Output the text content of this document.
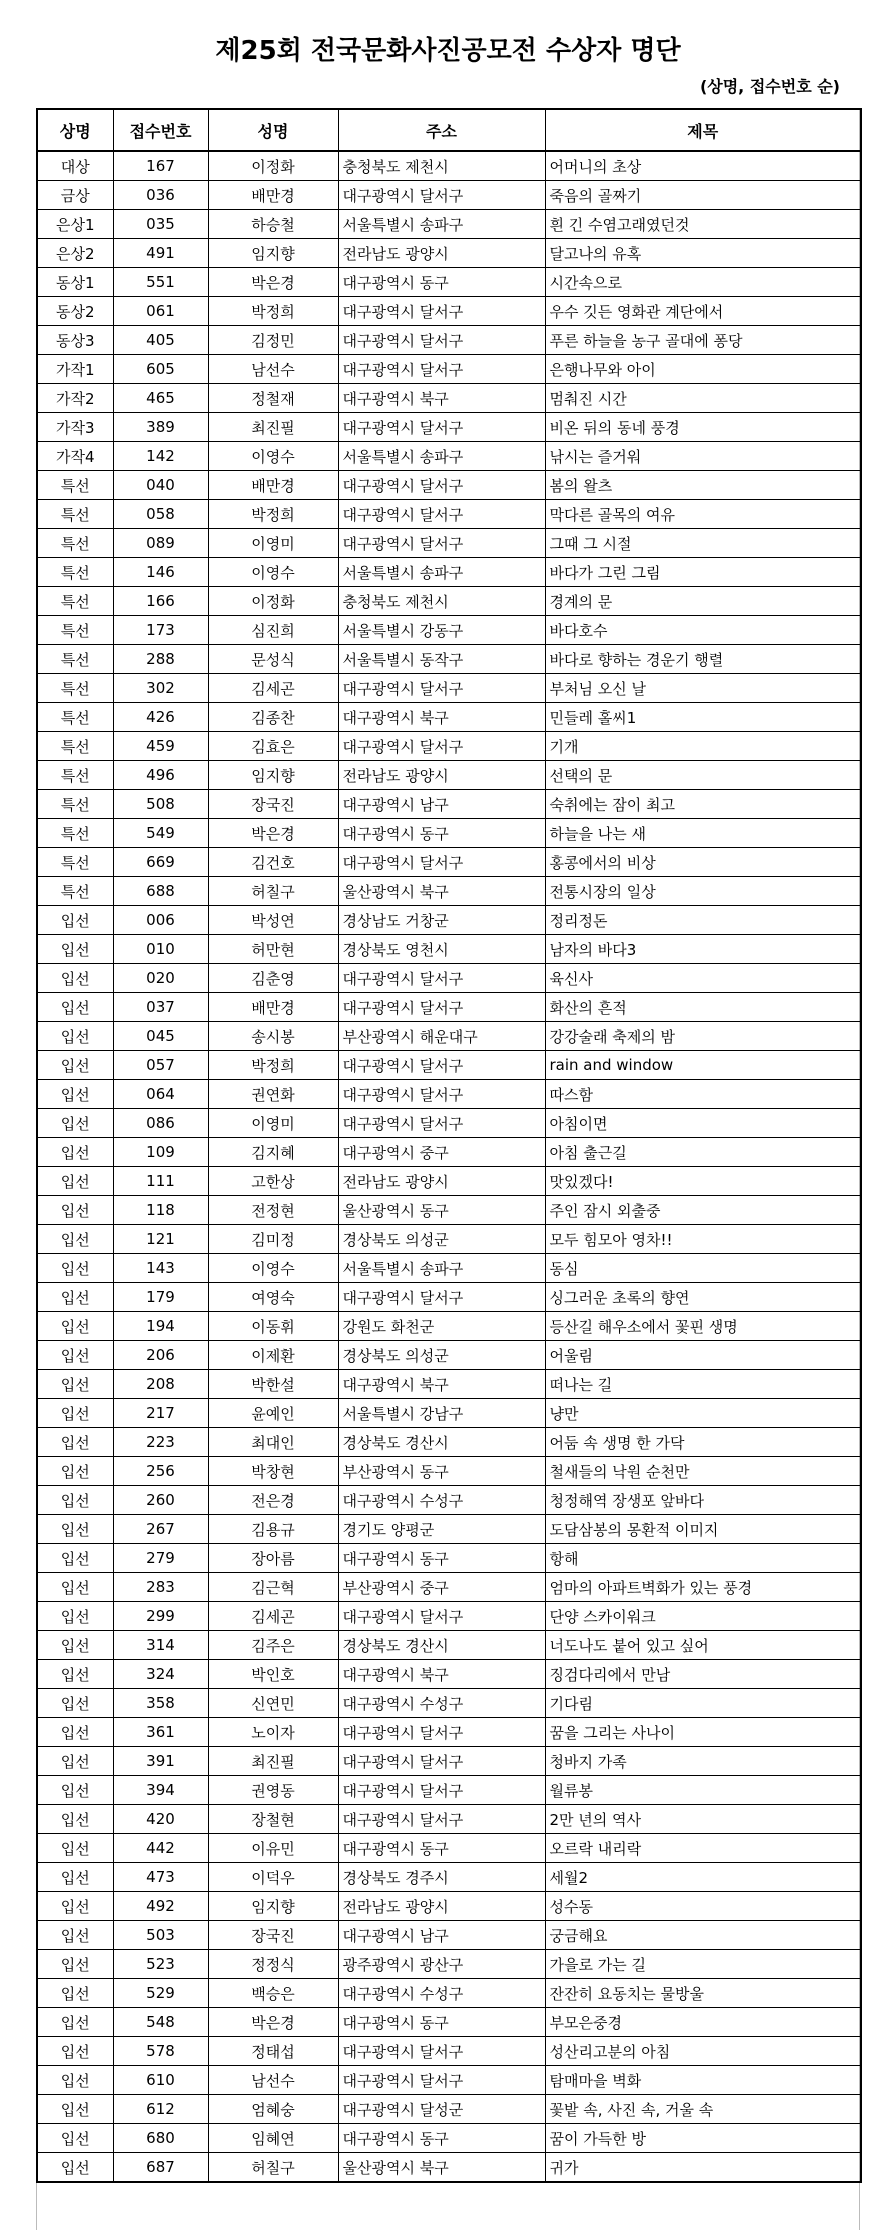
제25회 전국문화사진공모전 수상자 명단
(상명, 접수번호 순)
상명	접수번호	성명	주소	제목
대상	167	이정화	충청북도 제천시	어머니의 초상
금상	036	배만경	대구광역시 달서구	죽음의 골짜기
은상1	035	하승철	서울특별시 송파구	흰 긴 수염고래였던것
은상2	491	임지향	전라남도 광양시	달고나의 유혹
동상1	551	박은경	대구광역시 동구	시간속으로
동상2	061	박정희	대구광역시 달서구	우수 깃든 영화관 계단에서
동상3	405	김정민	대구광역시 달서구	푸른 하늘을 농구 골대에 퐁당
가작1	605	남선수	대구광역시 달서구	은행나무와 아이
가작2	465	정철재	대구광역시 북구	멈춰진 시간
가작3	389	최진필	대구광역시 달서구	비온 뒤의 동네 풍경
가작4	142	이영수	서울특별시 송파구	낚시는 즐거워
특선	040	배만경	대구광역시 달서구	봄의 왈츠
특선	058	박정희	대구광역시 달서구	막다른 골목의 여유
특선	089	이영미	대구광역시 달서구	그때 그 시절
특선	146	이영수	서울특별시 송파구	바다가 그린 그림
특선	166	이정화	충청북도 제천시	경계의 문
특선	173	심진희	서울특별시 강동구	바다호수
특선	288	문성식	서울특별시 동작구	바다로 향하는 경운기 행렬
특선	302	김세곤	대구광역시 달서구	부처님 오신 날
특선	426	김종찬	대구광역시 북구	민들레 홀씨1
특선	459	김효은	대구광역시 달서구	기개
특선	496	임지향	전라남도 광양시	선택의 문
특선	508	장국진	대구광역시 남구	숙취에는 잠이 최고
특선	549	박은경	대구광역시 동구	하늘을 나는 새
특선	669	김건호	대구광역시 달서구	홍콩에서의 비상
특선	688	허칠구	울산광역시 북구	전통시장의 일상
입선	006	박성연	경상남도 거창군	정리정돈
입선	010	허만현	경상북도 영천시	남자의 바다3
입선	020	김춘영	대구광역시 달서구	육신사
입선	037	배만경	대구광역시 달서구	화산의 흔적
입선	045	송시봉	부산광역시 해운대구	강강술래 축제의 밤
입선	057	박정희	대구광역시 달서구	rain and window
입선	064	권연화	대구광역시 달서구	따스함
입선	086	이영미	대구광역시 달서구	아침이면
입선	109	김지혜	대구광역시 중구	아침 출근길
입선	111	고한상	전라남도 광양시	맛있겠다!
입선	118	전정현	울산광역시 동구	주인 잠시 외출중
입선	121	김미정	경상북도 의성군	모두 힘모아 영차!!
입선	143	이영수	서울특별시 송파구	동심
입선	179	여영숙	대구광역시 달서구	싱그러운 초록의 향연
입선	194	이동휘	강원도 화천군	등산길 해우소에서 꽃핀 생명
입선	206	이제환	경상북도 의성군	어울림
입선	208	박한설	대구광역시 북구	떠나는 길
입선	217	윤예인	서울특별시 강남구	냥만
입선	223	최대인	경상북도 경산시	어둠 속 생명 한 가닥
입선	256	박창현	부산광역시 동구	철새들의 낙원 순천만
입선	260	전은경	대구광역시 수성구	청정해역 장생포 앞바다
입선	267	김용규	경기도 양평군	도담삼봉의 몽환적 이미지
입선	279	장아름	대구광역시 동구	항해
입선	283	김근혁	부산광역시 중구	엄마의 아파트벽화가 있는 풍경
입선	299	김세곤	대구광역시 달서구	단양 스카이워크
입선	314	김주은	경상북도 경산시	너도나도 붙어 있고 싶어
입선	324	박인호	대구광역시 북구	징검다리에서 만남
입선	358	신연민	대구광역시 수성구	기다림
입선	361	노이자	대구광역시 달서구	꿈을 그리는 사나이
입선	391	최진필	대구광역시 달서구	청바지 가족
입선	394	권영동	대구광역시 달서구	월류봉
입선	420	장철현	대구광역시 달서구	2만 년의 역사
입선	442	이유민	대구광역시 동구	오르락 내리락
입선	473	이덕우	경상북도 경주시	세월2
입선	492	임지향	전라남도 광양시	성수동
입선	503	장국진	대구광역시 남구	궁금해요
입선	523	정정식	광주광역시 광산구	가을로 가는 길
입선	529	백승은	대구광역시 수성구	잔잔히 요동치는 물방울
입선	548	박은경	대구광역시 동구	부모은중경
입선	578	정태섭	대구광역시 달서구	성산리고분의 아침
입선	610	남선수	대구광역시 달서구	탐매마을 벽화
입선	612	엄혜숭	대구광역시 달성군	꽃밭 속, 사진 속, 거울 속
입선	680	임혜연	대구광역시 동구	꿈이 가득한 방
입선	687	허칠구	울산광역시 북구	귀가
